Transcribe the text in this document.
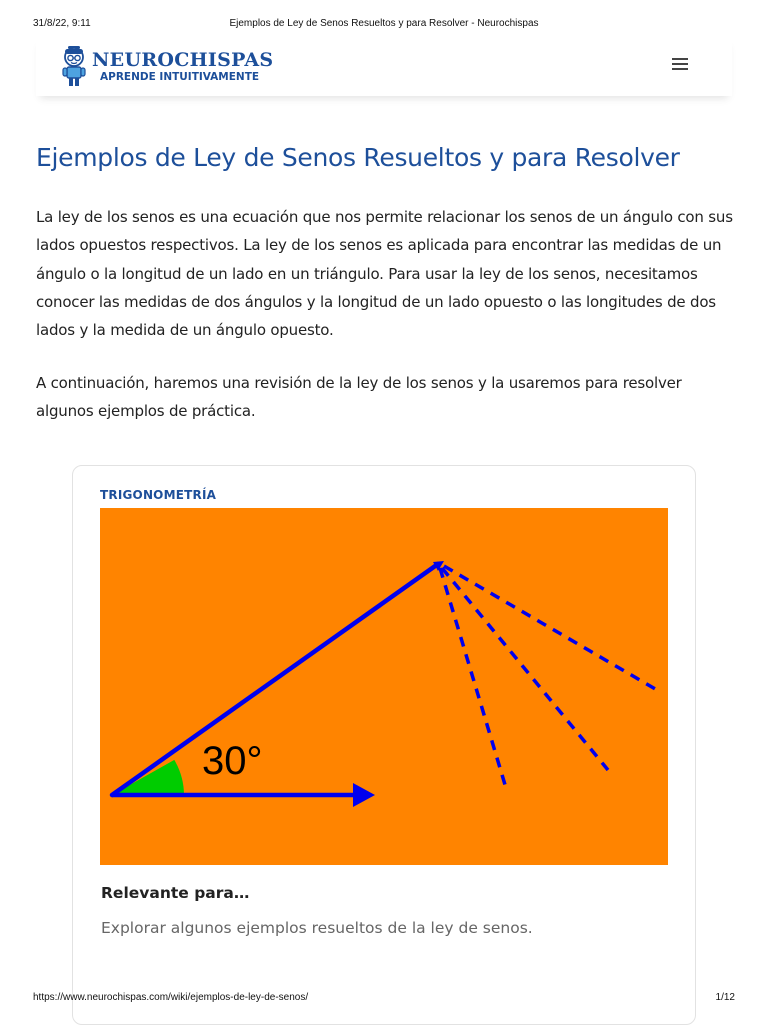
31/8/22, 9:11	Ejemplos de Ley de Senos Resueltos y para Resolver - Neurochispas
NEUROCHISPAS
APRENDE INTUITIVAMENTE
Ejemplos de Ley de Senos Resueltos y para Resolver

La ley de los senos es una ecuación que nos permite relacionar los senos de un ángulo con sus lados opuestos respectivos. La ley de los senos es aplicada para encontrar las medidas de un ángulo o la longitud de un lado en un triángulo. Para usar la ley de los senos, necesitamos conocer las medidas de dos ángulos y la longitud de un lado opuesto o las longitudes de dos lados y la medida de un ángulo opuesto.

A continuación, haremos una revisión de la ley de los senos y la usaremos para resolver algunos ejemplos de práctica.

TRIGONOMETRÍA
30°
Relevante para…
Explorar algunos ejemplos resueltos de la ley de senos.
https://www.neurochispas.com/wiki/ejemplos-de-ley-de-senos/	1/12
